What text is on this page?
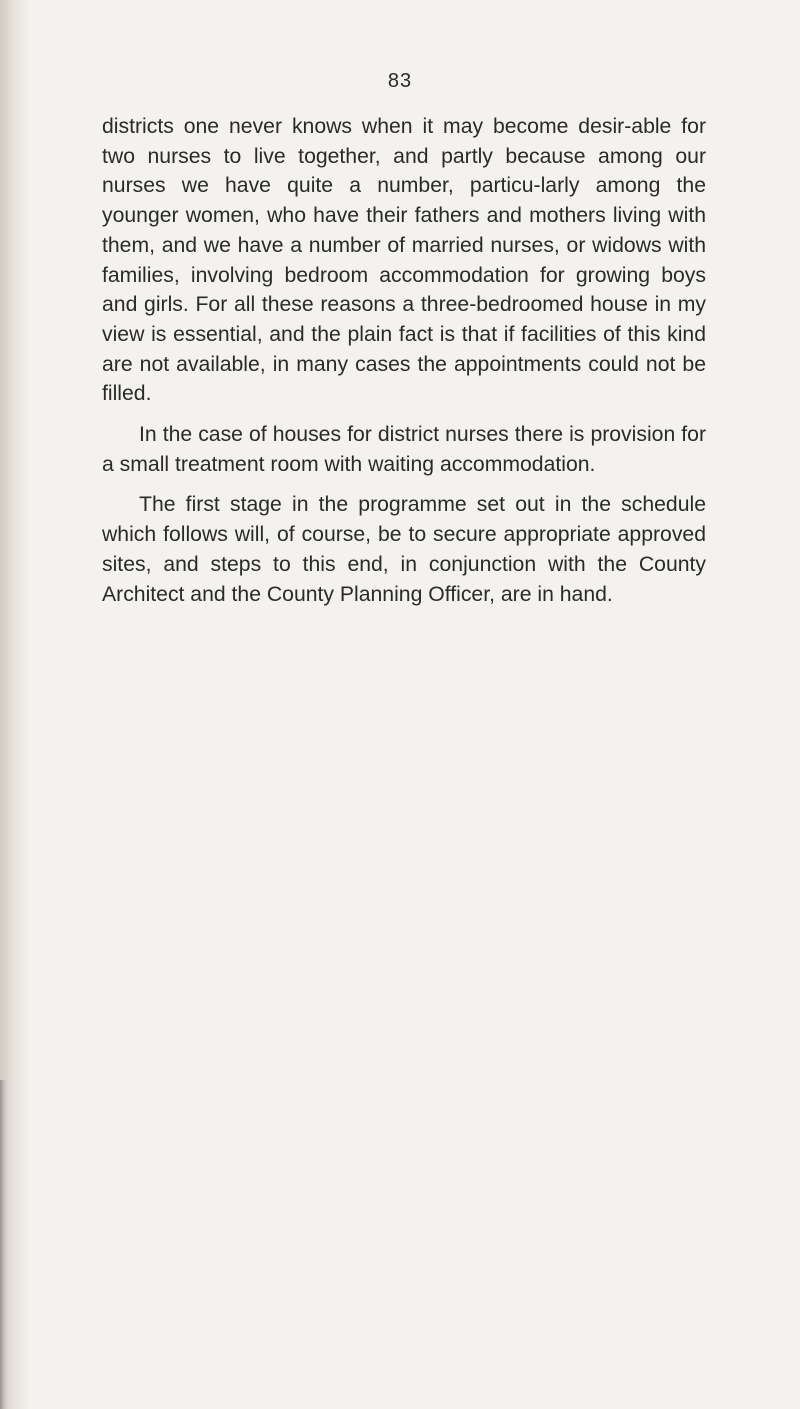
83

districts one never knows when it may become desir-able for two nurses to live together, and partly because among our nurses we have quite a number, particu-larly among the younger women, who have their fathers and mothers living with them, and we have a number of married nurses, or widows with families, involving bedroom accommodation for growing boys and girls. For all these reasons a three-bedroomed house in my view is essential, and the plain fact is that if facilities of this kind are not available, in many cases the appointments could not be filled.

In the case of houses for district nurses there is provision for a small treatment room with waiting accommodation.

The first stage in the programme set out in the schedule which follows will, of course, be to secure appropriate approved sites, and steps to this end, in conjunction with the County Architect and the County Planning Officer, are in hand.
